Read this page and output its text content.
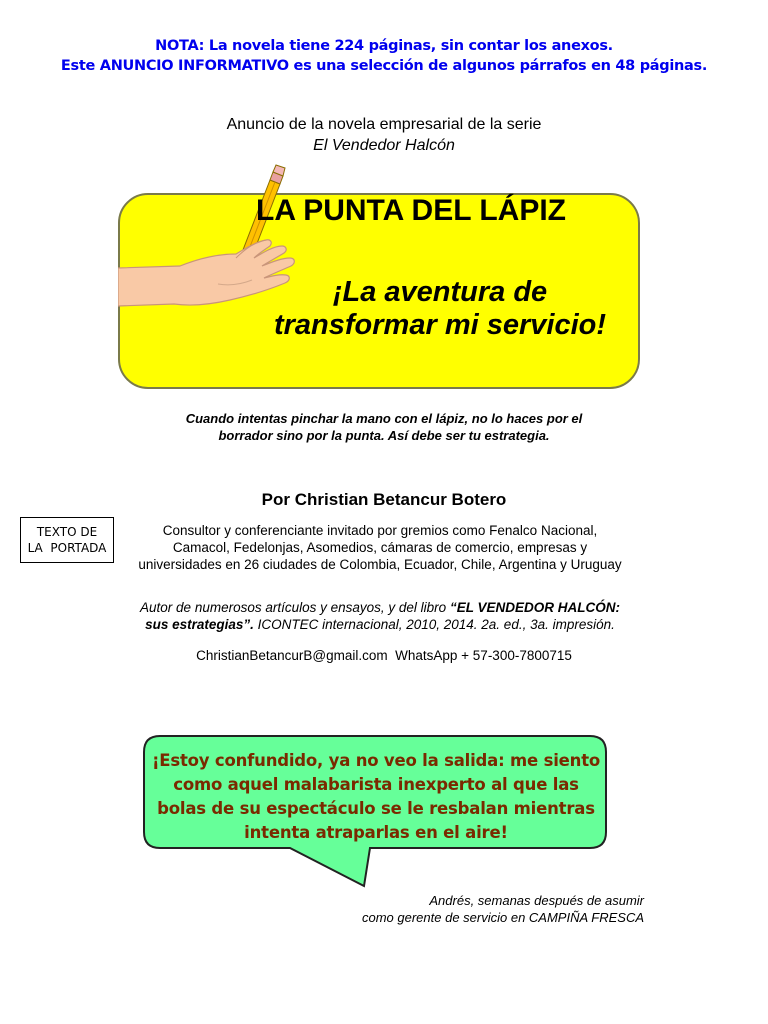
NOTA: La novela tiene 224 páginas, sin contar los anexos.
Este ANUNCIO INFORMATIVO es una selección de algunos párrafos en 48 páginas.
Anuncio de la novela empresarial de la serie
El Vendedor Halcón
LA PUNTA DEL LÁPIZ
¡La aventura de
transformar mi servicio!
Cuando intentas pinchar la mano con el lápiz, no lo haces por el
borrador sino por la punta. Así debe ser tu estrategia.
Por Christian Betancur Botero
TEXTO DE
LA  PORTADA
Consultor y conferenciante invitado por gremios como Fenalco Nacional,
Camacol, Fedelonjas, Asomedios, cámaras de comercio, empresas y
universidades en 26 ciudades de Colombia, Ecuador, Chile, Argentina y Uruguay
Autor de numerosos artículos y ensayos, y del libro “EL VENDEDOR HALCÓN:
sus estrategias”. ICONTEC internacional, 2010, 2014. 2a. ed., 3a. impresión.
ChristianBetancurB@gmail.com  WhatsApp + 57-300-7800715
¡Estoy confundido, ya no veo la salida: me siento
como aquel malabarista inexperto al que las
bolas de su espectáculo se le resbalan mientras
intenta atraparlas en el aire!
Andrés, semanas después de asumir
como gerente de servicio en CAMPIÑA FRESCA
